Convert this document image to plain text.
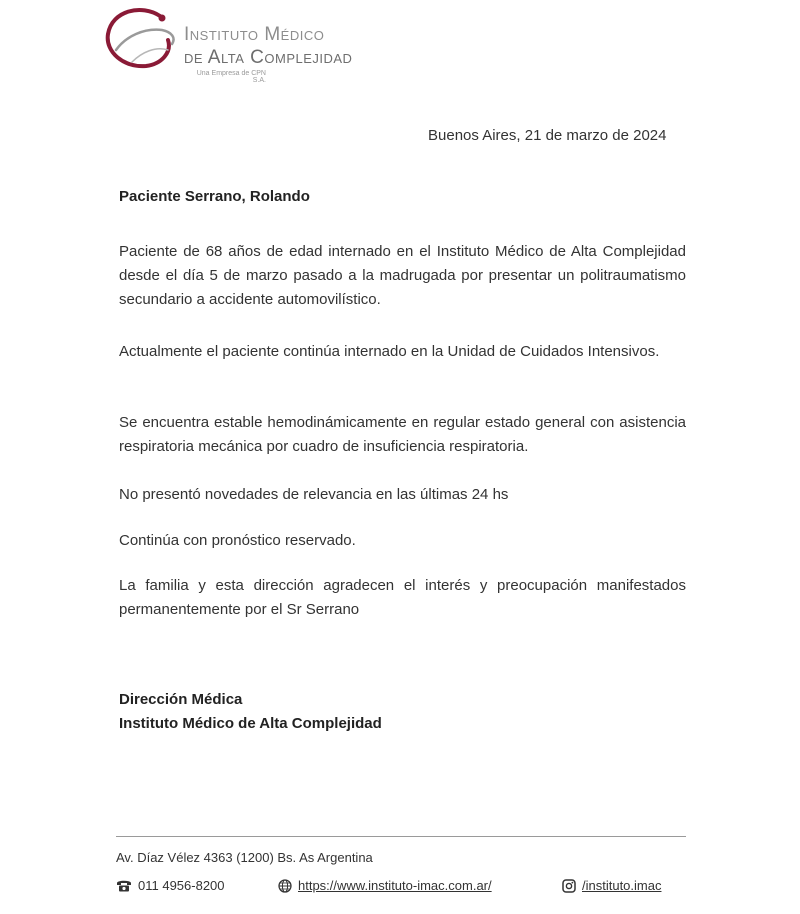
Instituto Médico
de Alta Complejidad
Una Empresa de CPN S.A.
Buenos Aires, 21 de marzo de 2024
Paciente Serrano, Rolando
Paciente de 68 años de edad internado en el Instituto Médico de Alta Complejidad desde el día 5 de marzo pasado a la madrugada por presentar un politraumatismo secundario a accidente automovilístico.
Actualmente el paciente continúa internado en la Unidad de Cuidados Intensivos.
Se encuentra estable hemodinámicamente en regular estado general con asistencia respiratoria mecánica por cuadro de insuficiencia respiratoria.
No presentó novedades de relevancia en las últimas 24 hs
Continúa con pronóstico reservado.
La familia y esta dirección agradecen el interés y preocupación manifestados permanentemente por el Sr Serrano
Dirección Médica
Instituto Médico de Alta Complejidad
Av. Díaz Vélez 4363 (1200) Bs. As Argentina
011 4956-8200	https://www.instituto-imac.com.ar/	/instituto.imac
